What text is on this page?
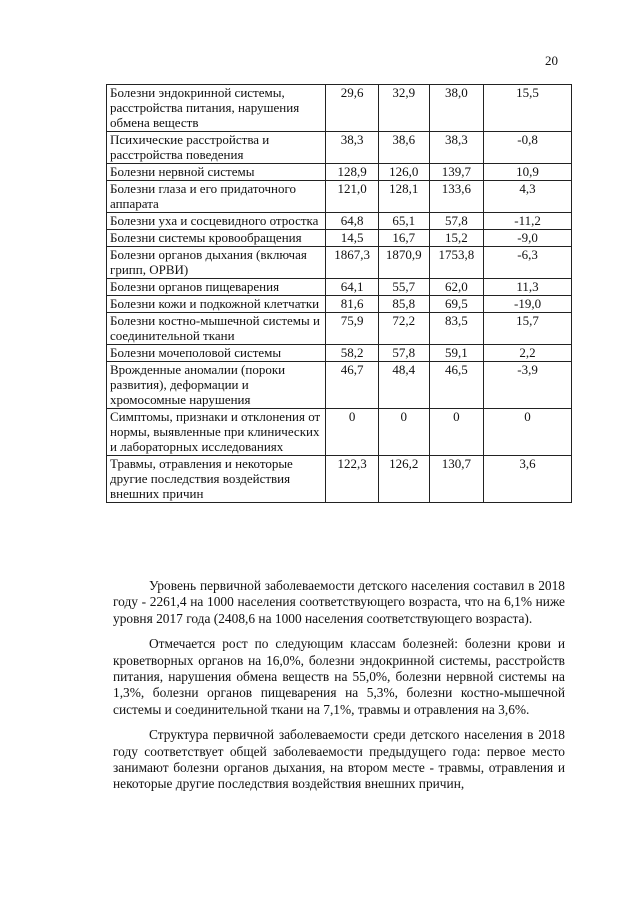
20
Болезни эндокринной системы, расстройства питания, нарушения обмена веществ	29,6	32,9	38,0	15,5
Психические расстройства и расстройства поведения	38,3	38,6	38,3	-0,8
Болезни нервной системы	128,9	126,0	139,7	10,9
Болезни глаза и его придаточного аппарата	121,0	128,1	133,6	4,3
Болезни уха и сосцевидного отростка	64,8	65,1	57,8	-11,2
Болезни системы кровообращения	14,5	16,7	15,2	-9,0
Болезни органов дыхания (включая грипп, ОРВИ)	1867,3	1870,9	1753,8	-6,3
Болезни органов пищеварения	64,1	55,7	62,0	11,3
Болезни кожи и подкожной клетчатки	81,6	85,8	69,5	-19,0
Болезни костно-мышечной системы и соединительной ткани	75,9	72,2	83,5	15,7
Болезни мочеполовой системы	58,2	57,8	59,1	2,2
Врожденные аномалии (пороки развития), деформации и хромосомные нарушения	46,7	48,4	46,5	-3,9
Симптомы, признаки и отклонения от нормы, выявленные при клинических и лабораторных исследованиях	0	0	0	0
Травмы, отравления и некоторые другие последствия воздействия внешних причин	122,3	126,2	130,7	3,6

Уровень первичной заболеваемости детского населения составил в 2018 году - 2261,4 на 1000 населения соответствующего возраста, что на 6,1% ниже уровня 2017 года (2408,6 на 1000 населения соответствующего возраста).

Отмечается рост по следующим классам болезней: болезни крови и кроветворных органов на 16,0%, болезни эндокринной системы, расстройств питания, нарушения обмена веществ на 55,0%, болезни нервной системы на 1,3%, болезни органов пищеварения на 5,3%, болезни костно-мышечной системы и соединительной ткани на 7,1%, травмы и отравления на 3,6%.

Структура первичной заболеваемости среди детского населения в 2018 году соответствует общей заболеваемости предыдущего года: первое место занимают болезни органов дыхания, на втором месте - травмы, отравления и некоторые другие последствия воздействия внешних причин,
